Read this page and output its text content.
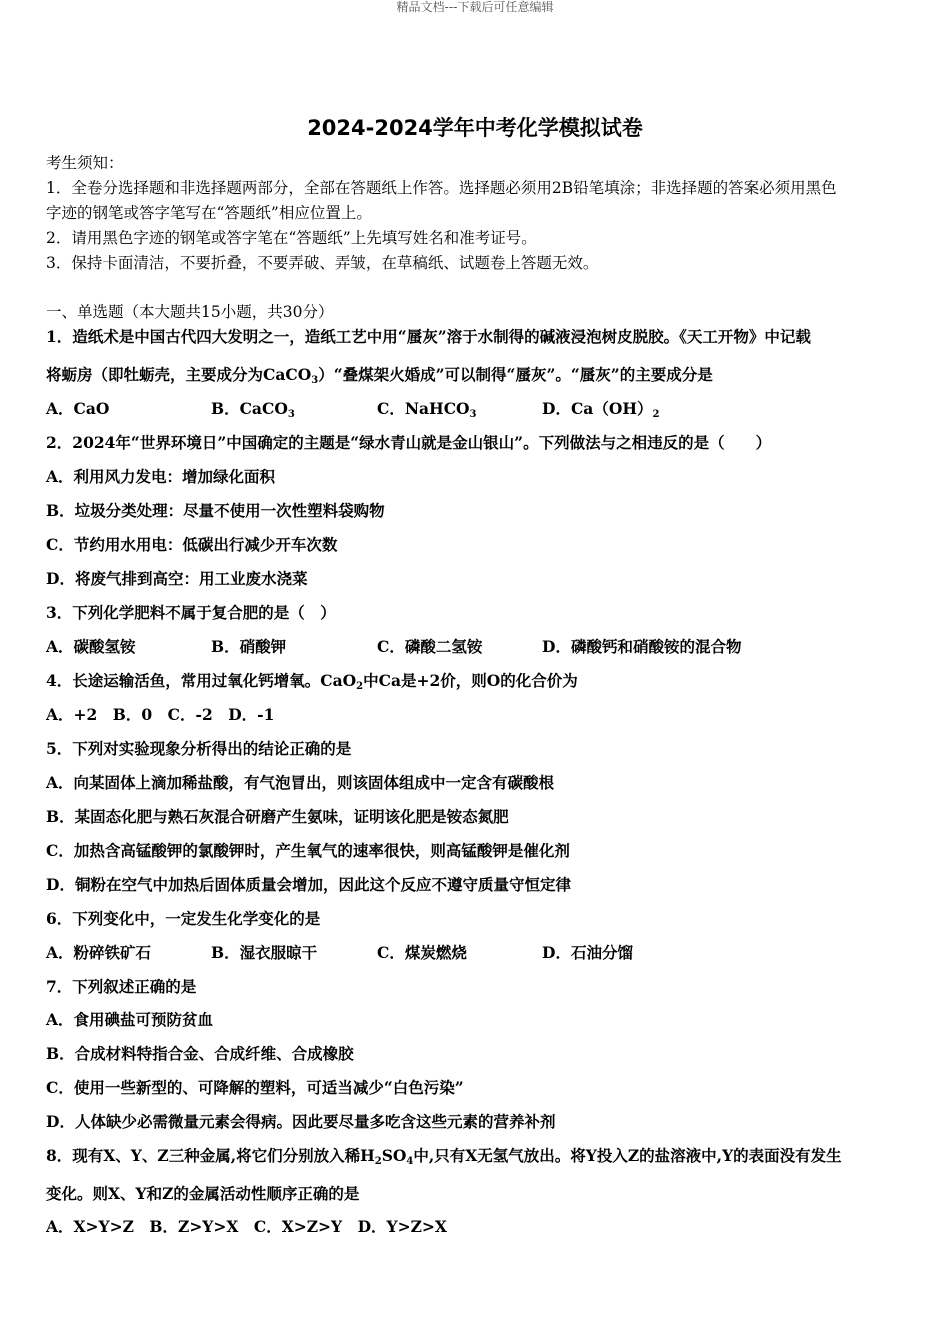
精品文档---下载后可任意编辑
2024-2024学年中考化学模拟试卷
考生须知：
1．全卷分选择题和非选择题两部分，全部在答题纸上作答。选择题必须用2B铅笔填涂；非选择题的答案必须用黑色
字迹的钢笔或答字笔写在“答题纸”相应位置上。
2．请用黑色字迹的钢笔或答字笔在“答题纸”上先填写姓名和准考证号。
3．保持卡面清洁，不要折叠，不要弄破、弄皱，在草稿纸、试题卷上答题无效。
一、单选题（本大题共15小题，共30分）
1．造纸术是中国古代四大发明之一，造纸工艺中用“蜃灰”溶于水制得的碱液浸泡树皮脱胶。《天工开物》中记载
将蛎房（即牡蛎壳，主要成分为CaCO$_3$）“叠煤架火婚成”可以制得“蜃灰”。“蜃灰”的主要成分是
A．CaO	B．CaCO$_3$	C．NaHCO$_3$	D．$Ca(OH)_2$
2．2024年“世界环境日”中国确定的主题是“绿水青山就是金山银山”。下列做法与之相违反的是（　　）
A．利用风力发电：增加绿化面积
B．垃圾分类处理：尽量不使用一次性塑料袋购物
C．节约用水用电：低碳出行减少开车次数
D．将废气排到高空：用工业废水浇菜
3．下列化学肥料不属于复合肥的是（　）
A．碳酸氢铵	B．硝酸钾	C．磷酸二氢铵	D．磷酸钙和硝酸铵的混合物
4．长途运输活鱼，常用过氧化钙增氧。CaO$_2$中Ca是+2价，则O的化合价为
A．+2　B．0　C．-2　D．-1
5．下列对实验现象分析得出的结论正确的是
A．向某固体上滴加稀盐酸，有气泡冒出，则该固体组成中一定含有碳酸根
B．某固态化肥与熟石灰混合研磨产生氨味，证明该化肥是铵态氮肥
C．加热含高锰酸钾的氯酸钾时，产生氧气的速率很快，则高锰酸钾是催化剂
D．铜粉在空气中加热后固体质量会增加，因此这个反应不遵守质量守恒定律
6．下列变化中，一定发生化学变化的是
A．粉碎铁矿石	B．湿衣服晾干	C．煤炭燃烧	D．石油分馏
7．下列叙述正确的是
A．食用碘盐可预防贫血
B．合成材料特指合金、合成纤维、合成橡胶
C．使用一些新型的、可降解的塑料，可适当减少“白色污染”
D．人体缺少必需微量元素会得病。因此要尽量多吃含这些元素的营养补剂
8．现有X、Y、Z三种金属,将它们分别放入稀$H_2SO_4$中,只有X无氢气放出。将Y投入Z的盐溶液中,Y的表面没有发生
变化。则X、Y和Z的金属活动性顺序正确的是
A．X>Y>Z　B．Z>Y>X　C．X>Z>Y　D．Y>Z>X
